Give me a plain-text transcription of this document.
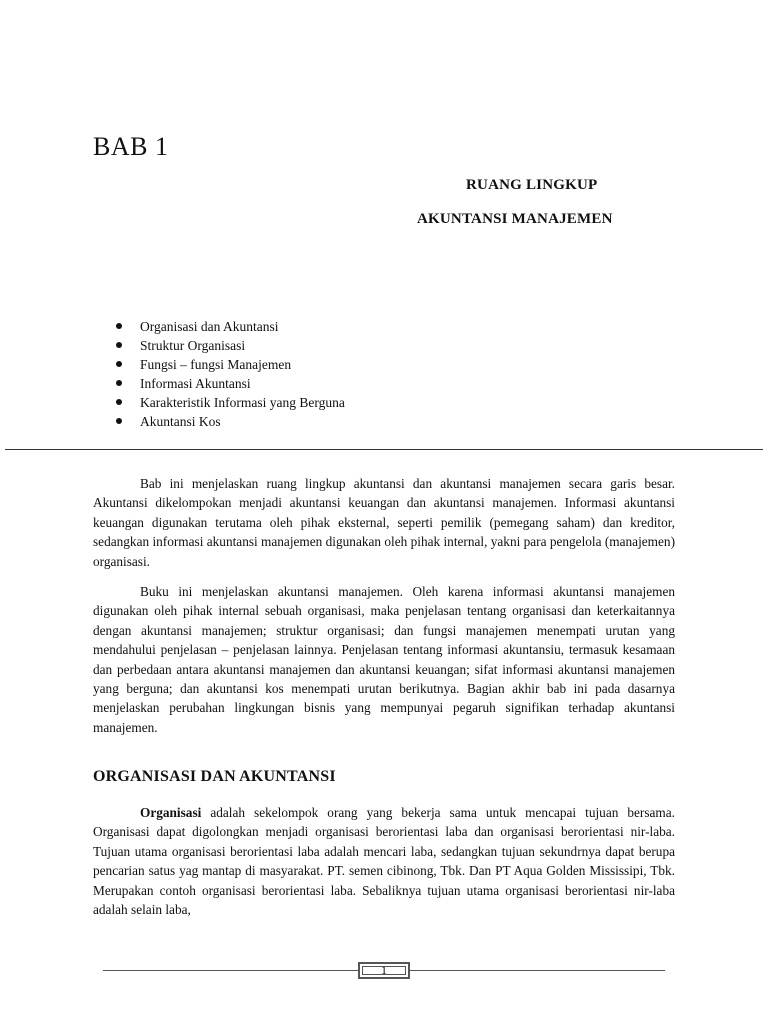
BAB 1
RUANG LINGKUP
AKUNTANSI MANAJEMEN
Organisasi dan Akuntansi
Struktur Organisasi
Fungsi – fungsi Manajemen
Informasi Akuntansi
Karakteristik Informasi yang Berguna
Akuntansi Kos

Bab ini menjelaskan ruang lingkup akuntansi dan akuntansi manajemen secara garis besar. Akuntansi dikelompokan menjadi akuntansi keuangan dan akuntansi manajemen. Informasi akuntansi keuangan digunakan terutama oleh pihak eksternal, seperti pemilik (pemegang saham) dan kreditor, sedangkan informasi akuntansi manajemen digunakan oleh pihak internal, yakni para pengelola (manajemen) organisasi.

Buku ini menjelaskan akuntansi manajemen. Oleh karena informasi akuntansi manajemen digunakan oleh pihak internal sebuah organisasi, maka penjelasan tentang organisasi dan keterkaitannya dengan akuntansi manajemen; struktur organisasi; dan fungsi manajemen menempati urutan yang mendahului penjelasan – penjelasan lainnya. Penjelasan tentang informasi akuntansiu, termasuk kesamaan dan perbedaan antara akuntansi manajemen dan akuntansi keuangan; sifat informasi akuntansi manajemen yang berguna; dan akuntansi kos menempati urutan berikutnya. Bagian akhir bab ini pada dasarnya menjelaskan perubahan lingkungan bisnis yang mempunyai pegaruh signifikan terhadap akuntansi manajemen.

ORGANISASI DAN AKUNTANSI

Organisasi adalah sekelompok orang yang bekerja sama untuk mencapai tujuan bersama. Organisasi dapat digolongkan menjadi organisasi berorientasi laba dan organisasi berorientasi nir-laba. Tujuan utama organisasi berorientasi laba adalah mencari laba, sedangkan tujuan sekundrnya dapat berupa pencarian satus yag mantap di masyarakat. PT. semen cibinong, Tbk. Dan PT Aqua Golden Mississipi, Tbk. Merupakan contoh organisasi berorientasi laba. Sebaliknya tujuan utama organisasi berorientasi nir-laba adalah selain laba,

1
